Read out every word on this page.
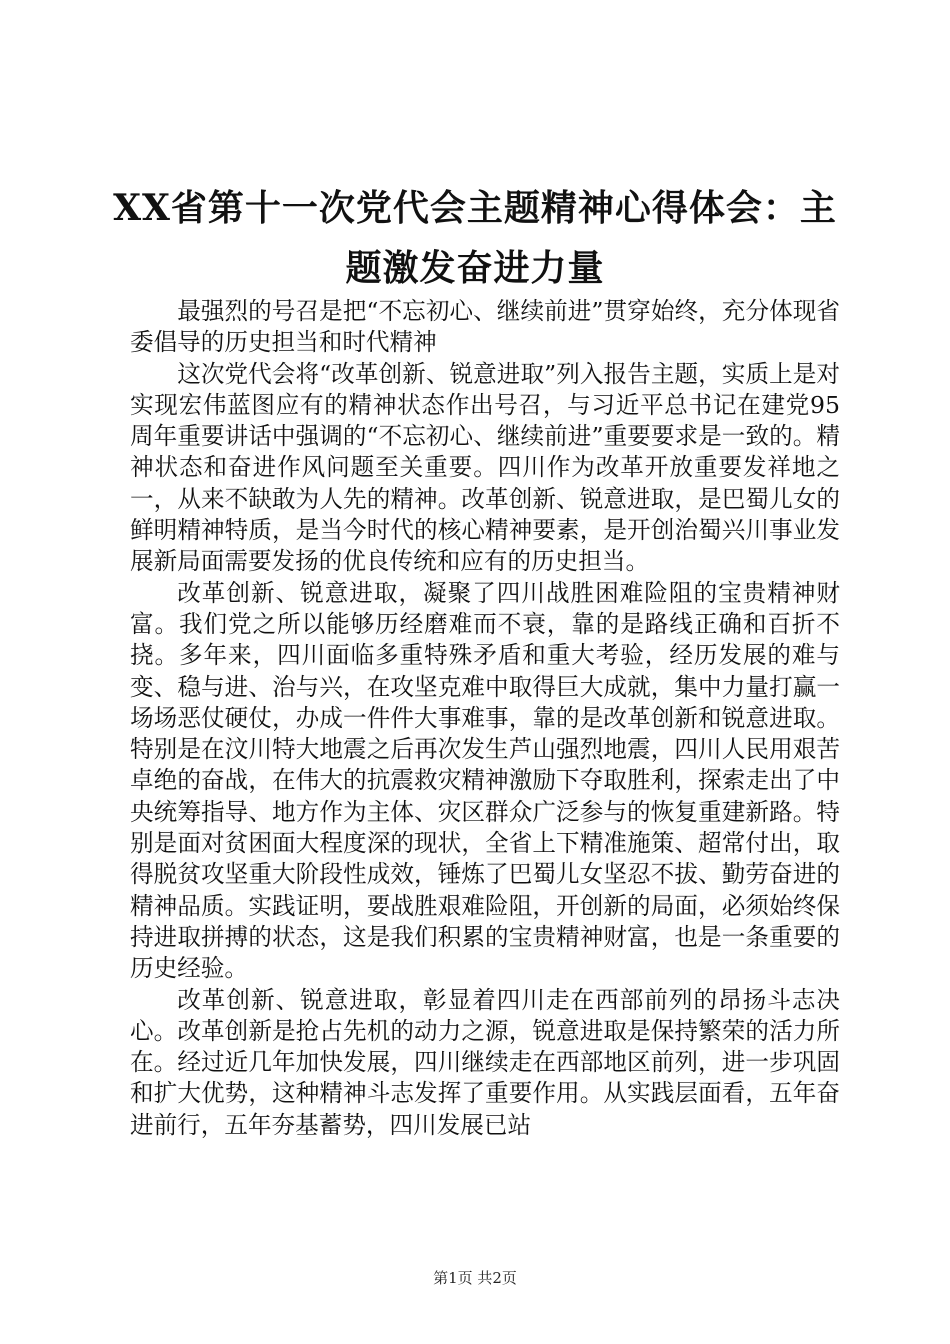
XX省第十一次党代会主题精神心得体会：主题激发奋进力量

最强烈的号召是把“不忘初心、继续前进”贯穿始终，充分体现省委倡导的历史担当和时代精神

这次党代会将“改革创新、锐意进取”列入报告主题，实质上是对实现宏伟蓝图应有的精神状态作出号召，与习近平总书记在建党95周年重要讲话中强调的“不忘初心、继续前进”重要要求是一致的。精神状态和奋进作风问题至关重要。四川作为改革开放重要发祥地之一，从来不缺敢为人先的精神。改革创新、锐意进取，是巴蜀儿女的鲜明精神特质，是当今时代的核心精神要素，是开创治蜀兴川事业发展新局面需要发扬的优良传统和应有的历史担当。

改革创新、锐意进取，凝聚了四川战胜困难险阻的宝贵精神财富。我们党之所以能够历经磨难而不衰，靠的是路线正确和百折不挠。多年来，四川面临多重特殊矛盾和重大考验，经历发展的难与变、稳与进、治与兴，在攻坚克难中取得巨大成就，集中力量打赢一场场恶仗硬仗，办成一件件大事难事，靠的是改革创新和锐意进取。特别是在汶川特大地震之后再次发生芦山强烈地震，四川人民用艰苦卓绝的奋战，在伟大的抗震救灾精神激励下夺取胜利，探索走出了中央统筹指导、地方作为主体、灾区群众广泛参与的恢复重建新路。特别是面对贫困面大程度深的现状，全省上下精准施策、超常付出，取得脱贫攻坚重大阶段性成效，锤炼了巴蜀儿女坚忍不拔、勤劳奋进的精神品质。实践证明，要战胜艰难险阻，开创新的局面，必须始终保持进取拼搏的状态，这是我们积累的宝贵精神财富，也是一条重要的历史经验。

改革创新、锐意进取，彰显着四川走在西部前列的昂扬斗志决心。改革创新是抢占先机的动力之源，锐意进取是保持繁荣的活力所在。经过近几年加快发展，四川继续走在西部地区前列，进一步巩固和扩大优势，这种精神斗志发挥了重要作用。从实践层面看，五年奋进前行，五年夯基蓄势，四川发展已站

第1页 共2页
